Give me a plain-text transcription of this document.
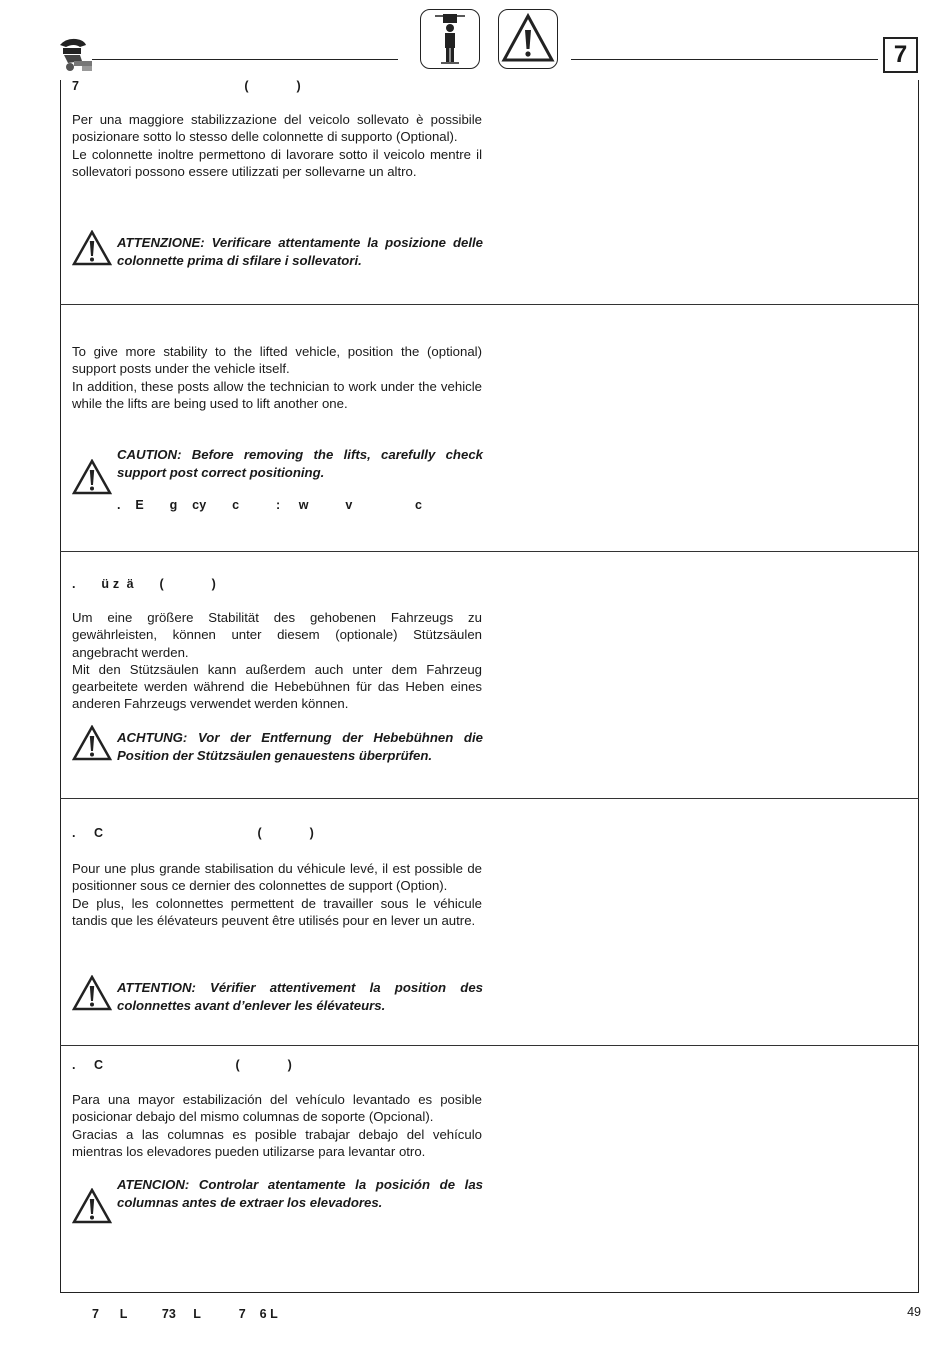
7
7                                             (             )

Per una maggiore stabilizzazione del veicolo sollevato è possibile posizionare sotto lo stesso delle colonnette di supporto (Optional).

Le colonnette inoltre permettono di lavorare sotto il veicolo mentre il sollevatori possono essere utilizzati per sollevarne un altro.

ATTENZIONE: Verificare attentamente la posizione delle colonnette prima di sfilare i sollevatori.

To give more stability to the lifted vehicle, position the (optional) support posts under the vehicle itself.

In addition, these posts allow the technician to work under the vehicle while the lifts are being used to lift another one.

CAUTION: Before removing the lifts, carefully check support post correct positioning.
.    E       g    cy       c          :     w          v                 c
.       ü z  ä       (             )

Um eine größere Stabilität des gehobenen Fahrzeugs zu gewährleisten, können unter diesem (optionale) Stützsäulen angebracht werden.

Mit den Stützsäulen kann außerdem auch unter dem Fahrzeug gearbeitete werden während die Hebebühnen für das Heben eines anderen Fahrzeugs verwendet werden können.

ACHTUNG: Vor der Entfernung der Hebebühnen die Position der Stützsäulen genauestens überprüfen.
.     C                                          (             )

Pour une plus grande stabilisation du véhicule levé, il est possible de positionner sous ce dernier des colonnettes de support (Option).

De plus, les colonnettes permettent de travailler sous le véhicule tandis que les élévateurs peuvent être utilisés pour en lever un autre.

ATTENTION: Vérifier attentivement la position des colonnettes avant d’enlever les élévateurs.
.     C                                    (             )

Para una mayor estabilización del vehículo levantado es posible posicionar debajo del mismo columnas de soporte (Opcional).

Gracias a las columnas es posible trabajar debajo del vehículo mientras los elevadores pueden utilizarse para levantar otro.

ATENCION: Controlar atentamente la posición de las columnas antes de extraer los elevadores.
7      L          73     L           7    6 L	49
